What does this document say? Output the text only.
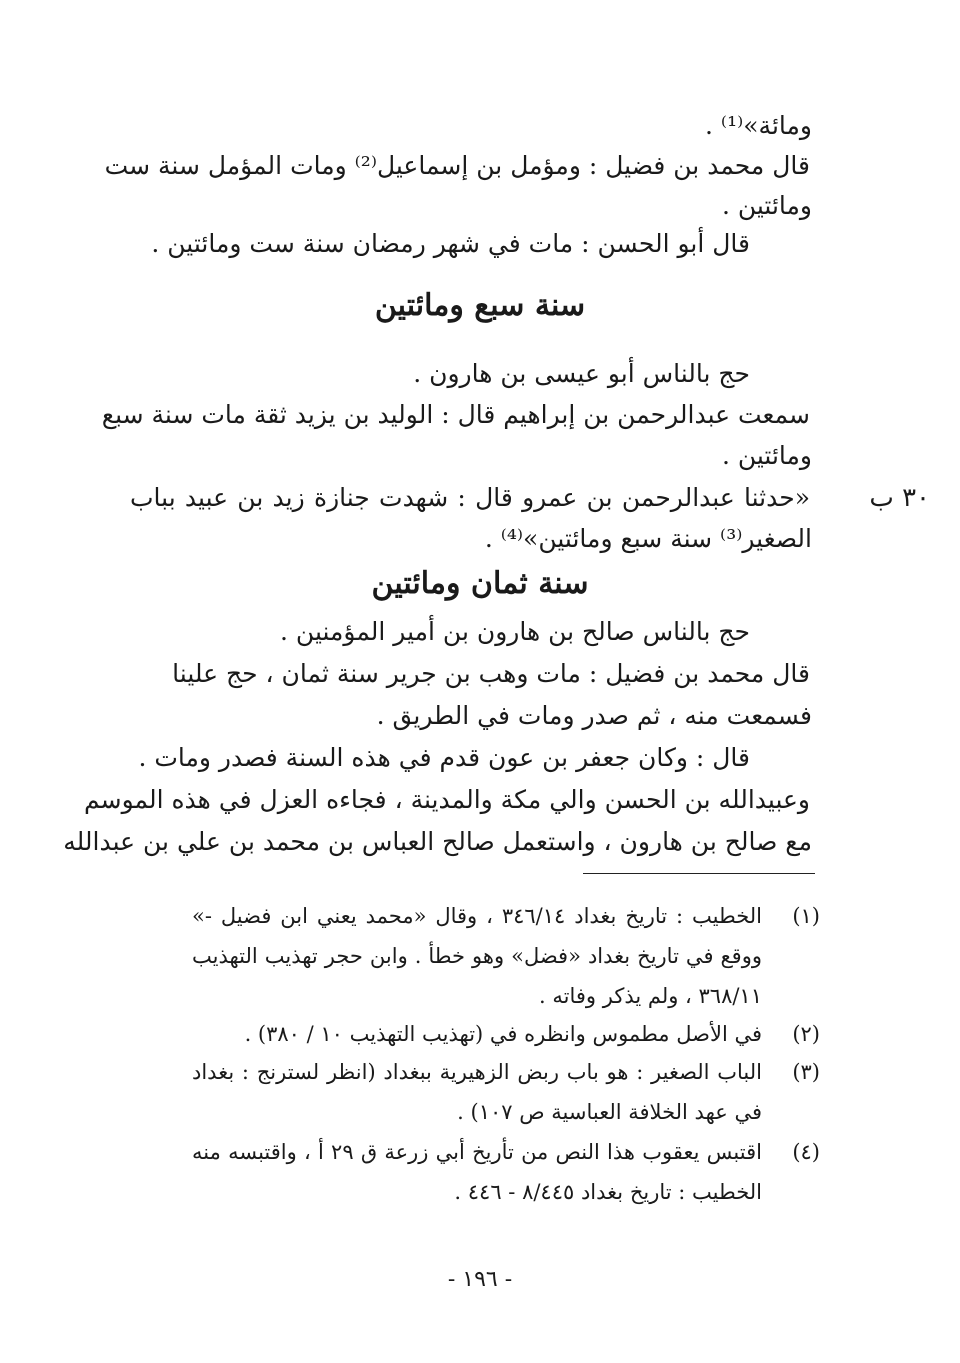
ومائة»⁽¹⁾ .

قال محمد بن فضيل : ومؤمل بن إسماعيل⁽²⁾ ومات المؤمل سنة ست

ومائتين .

قال أبو الحسن : مات في شهر رمضان سنة ست ومائتين .

سنة سبع ومائتين

حج بالناس أبو عيسى بن هارون .

سمعت عبدالرحمن بن إبراهيم قال : الوليد بن يزيد ثقة مات سنة سبع

ومائتين .

٣٠ ب

«حدثنا عبدالرحمن بن عمرو قال : شهدت جنازة زيد بن عبيد بباب

الصغير⁽³⁾ سنة سبع ومائتين»⁽⁴⁾ .

سنة ثمان ومائتين

حج بالناس صالح بن هارون بن أمير المؤمنين .

قال محمد بن فضيل : مات وهب بن جرير سنة ثمان ، حج علينا

فسمعت منه ، ثم صدر ومات في الطريق .

قال : وكان جعفر بن عون قدم في هذه السنة فصدر ومات .

وعبيدالله بن الحسن والي مكة والمدينة ، فجاءه العزل في هذه الموسم

مع صالح بن هارون ، واستعمل صالح العباس بن محمد بن علي بن عبدالله

(١)

الخطيب : تاريخ بغداد ٣٤٦/١٤ ، وقال «محمد يعني ابن فضيل -»

ووقع في تاريخ بغداد «فضل» وهو خطأ . وابن حجر تهذيب التهذيب

٣٦٨/١١ ، ولم يذكر وفاته .

(٢)

في الأصل مطموس وانظره في (تهذيب التهذيب ١٠ / ٣٨٠) .

(٣)

الباب الصغير : هو باب ربض الزهيرية ببغداد (انظر لسترنج : بغداد

في عهد الخلافة العباسية ص ١٠٧) .

(٤)

اقتبس يعقوب هذا النص من تأريخ أبي زرعة ق ٢٩ أ ، واقتبسه منه

الخطيب : تاريخ بغداد ٨/٤٤٥ - ٤٤٦ .

- ١٩٦ -
